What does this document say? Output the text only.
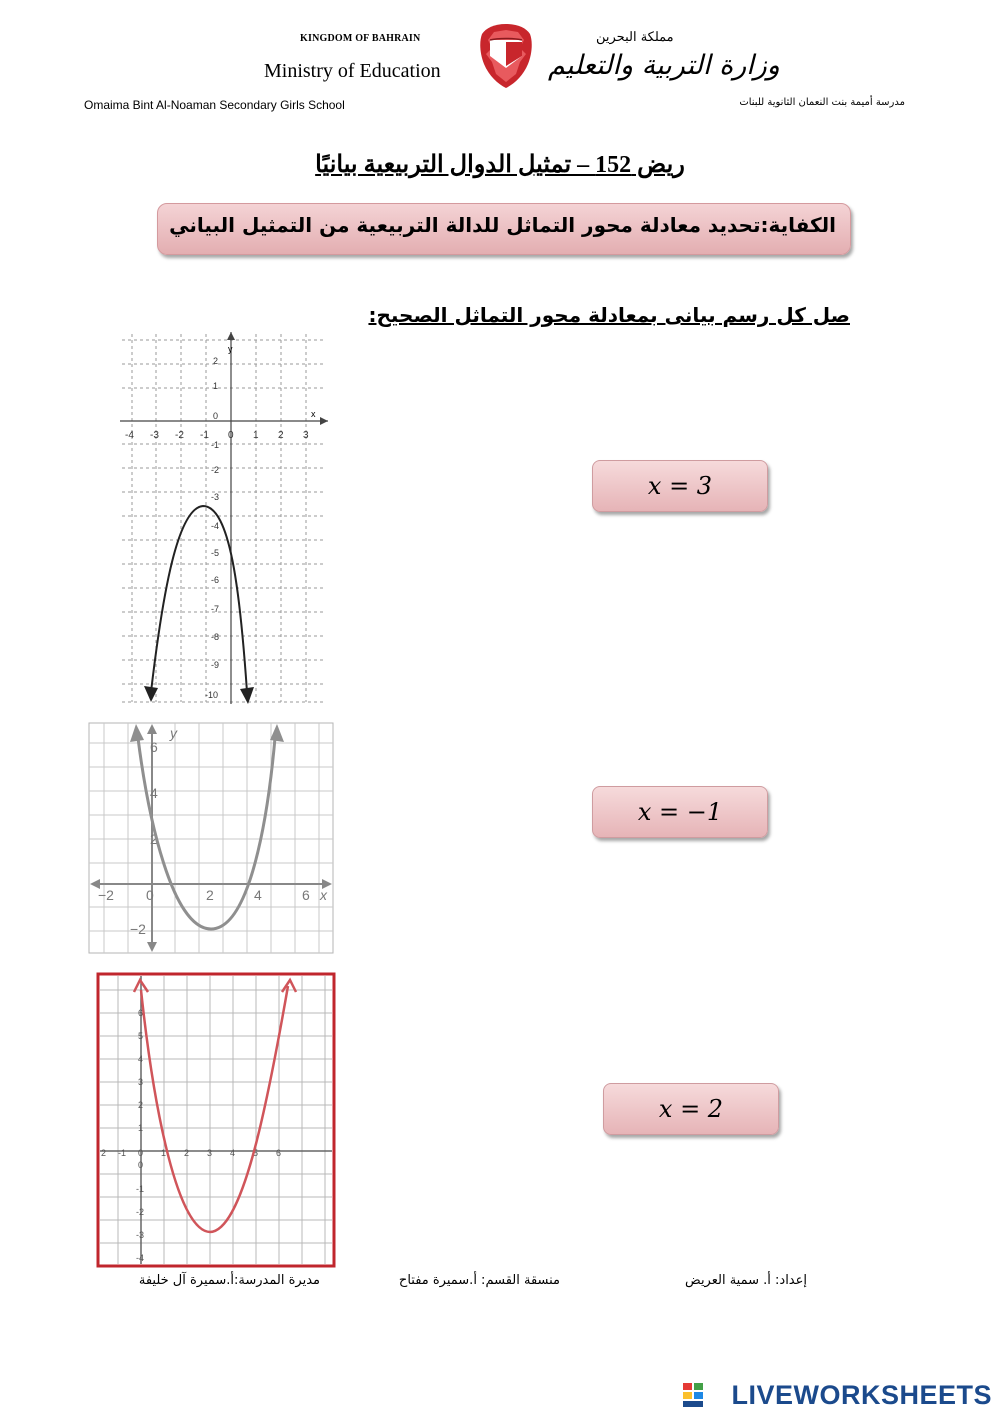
KINGDOM OF BAHRAIN
Ministry of Education
Omaima Bint Al-Noaman Secondary Girls School
مملكة البحرين
وزارة التربية والتعليم
مدرسة أميمة بنت النعمان الثانوية للبنات
ريض 152 – تمثيل الدوال التربيعية بيانيًا
الكفاية:تحديد معادلة محور التماثل للدالة التربيعية من التمثيل البياني
صل كل رسم بيانى بمعادلة محور التماثل الصحيح:
x
y
-4 -3 -2 -1 0 1 2 3
2
1
0
-1
-2
-3
-4
-5
-6
-7
-8
-9
-10
y
x
−2 0	2	4	6
6
4
2
−2
2 -1 0 1 2 3 4 5 6
6
5
4
3
2
1
0
-1
-2
-3
-4
x = 3
x = −1
x = 2
إعداد: أ. سمية العريض
منسقة القسم: أ.سميرة مفتاح
مديرة المدرسة:أ.سميرة آل خليفة
LIVEWORKSHEETS
